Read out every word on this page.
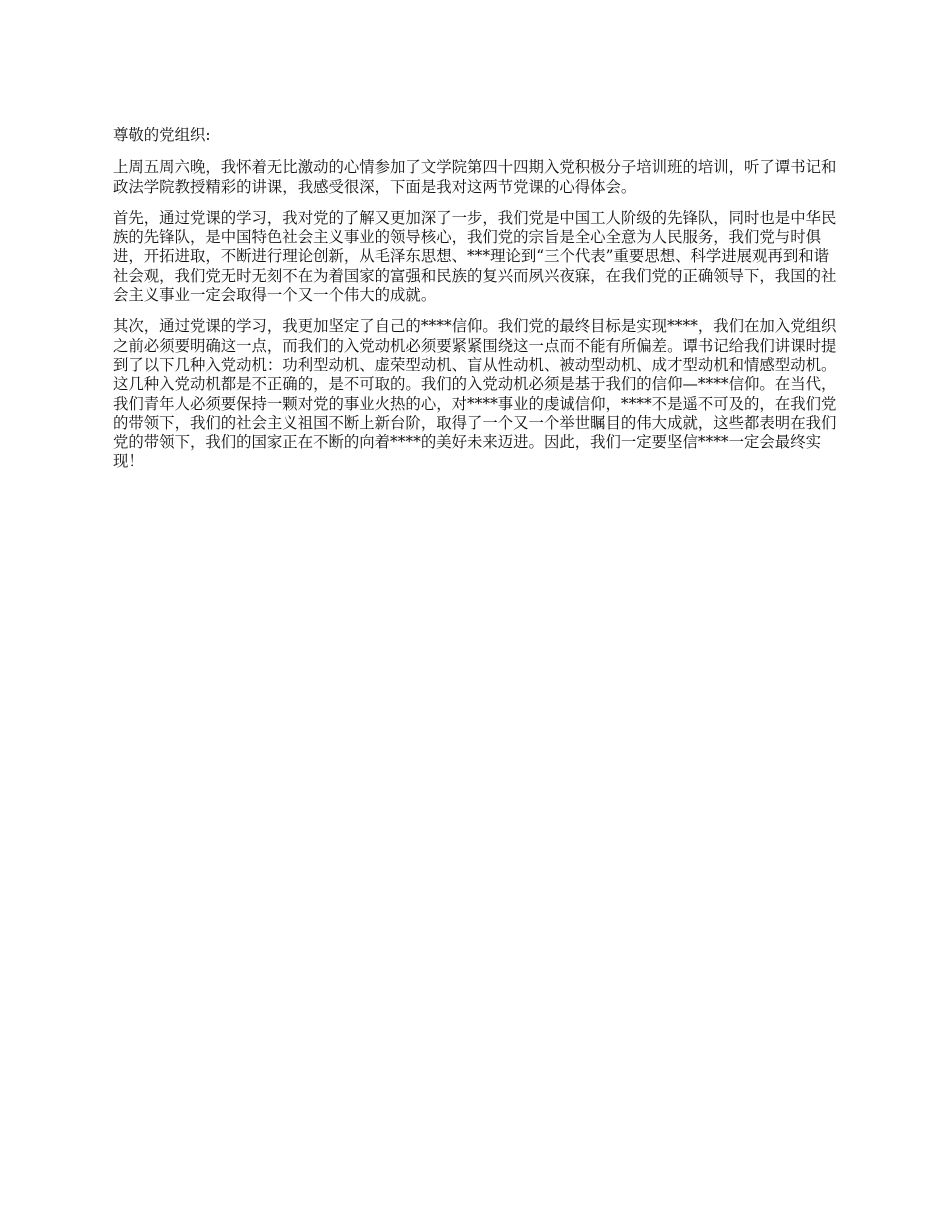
尊敬的党组织:

上周五周六晚，我怀着无比激动的心情参加了文学院第四十四期入党积极分子培训班的培训，听了谭书记和政法学院教授精彩的讲课，我感受很深，下面是我对这两节党课的心得体会。

首先，通过党课的学习，我对党的了解又更加深了一步，我们党是中国工人阶级的先锋队，同时也是中华民族的先锋队，是中国特色社会主义事业的领导核心，我们党的宗旨是全心全意为人民服务，我们党与时俱进，开拓进取，不断进行理论创新，从毛泽东思想、***理论到“三个代表”重要思想、科学进展观再到和谐社会观，我们党无时无刻不在为着国家的富强和民族的复兴而夙兴夜寐，在我们党的正确领导下，我国的社会主义事业一定会取得一个又一个伟大的成就。

其次，通过党课的学习，我更加坚定了自己的****信仰。我们党的最终目标是实现****，我们在加入党组织之前必须要明确这一点，而我们的入党动机必须要紧紧围绕这一点而不能有所偏差。谭书记给我们讲课时提到了以下几种入党动机：功利型动机、虚荣型动机、盲从性动机、被动型动机、成才型动机和情感型动机。这几种入党动机都是不正确的，是不可取的。我们的入党动机必须是基于我们的信仰—****信仰。在当代，我们青年人必须要保持一颗对党的事业火热的心，对****事业的虔诚信仰，****不是遥不可及的，在我们党的带领下，我们的社会主义祖国不断上新台阶，取得了一个又一个举世瞩目的伟大成就，这些都表明在我们党的带领下，我们的国家正在不断的向着****的美好未来迈进。因此，我们一定要坚信****一定会最终实现！
